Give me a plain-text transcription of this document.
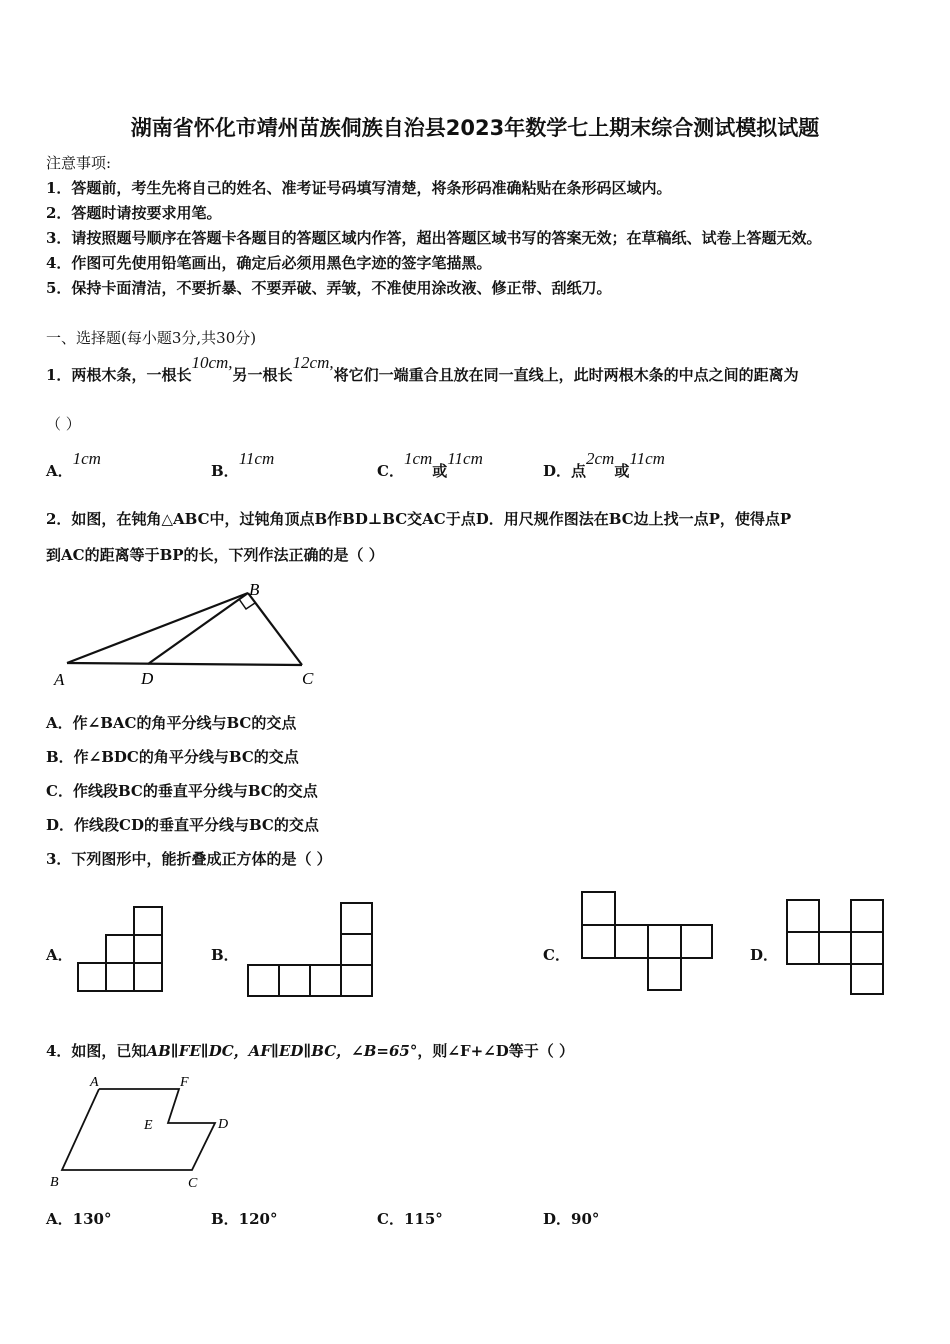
湖南省怀化市靖州苗族侗族自治县2023年数学七上期末综合测试模拟试题
注意事项:
1．答题前，考生先将自己的姓名、准考证号码填写清楚，将条形码准确粘贴在条形码区域内。
2．答题时请按要求用笔。
3．请按照题号顺序在答题卡各题目的答题区域内作答，超出答题区域书写的答案无效；在草稿纸、试卷上答题无效。
4．作图可先使用铅笔画出，确定后必须用黑色字迹的签字笔描黑。
5．保持卡面清洁，不要折暴、不要弄破、弄皱，不准使用涂改液、修正带、刮纸刀。
一、选择题(每小题3分,共30分)
1．两根木条，一根长10cm,另一根长12cm,将它们一端重合且放在同一直线上，此时两根木条的中点之间的距离为
（ ）
A．1cm
B．11cm
C．1cm或11cm
D．点2cm或11cm
2．如图，在钝角△ABC中，过钝角顶点B作BD⊥BC交AC于点D．用尺规作图法在BC边上找一点P，使得点P
到AC的距离等于BP的长，下列作法正确的是（ ）
A	D
B
C
A．作∠BAC的角平分线与BC的交点
B．作∠BDC的角平分线与BC的交点
C．作线段BC的垂直平分线与BC的交点
D．作线段CD的垂直平分线与BC的交点
3．下列图形中，能折叠成正方体的是（ ）
A．	B．	C．	D．
4．如图，已知AB∥FE∥DC，AF∥ED∥BC，∠B=65°，则∠F+∠D等于（ ）
A	F
E	D
B	C
A．130°	B．120°	C．115°	D．90°
